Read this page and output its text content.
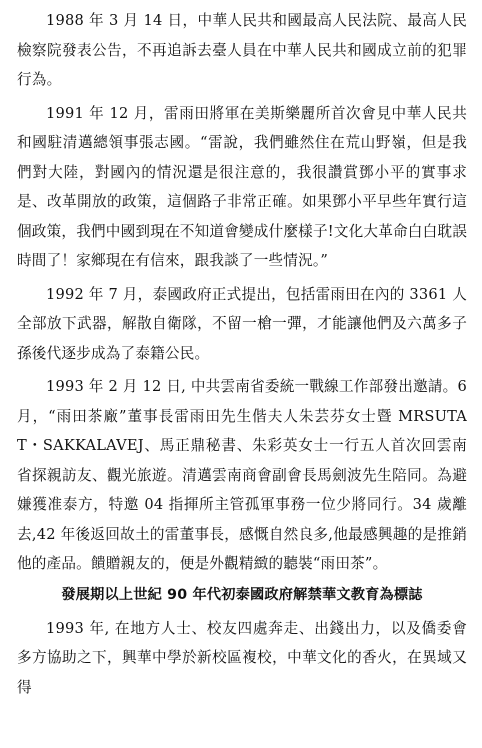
1988 年 3 月 14 日，中華人民共和國最高人民法院、最高人民檢察院發表公告，不再追訴去臺人員在中華人民共和國成立前的犯罪行為。

1991 年 12 月，雷雨田將軍在美斯樂麗所首次會見中華人民共和國駐清邁總領事張志國。“雷說，我們雖然住在荒山野嶺，但是我們對大陸，對國內的情況還是很注意的，我很讚賞鄧小平的實事求是、改革開放的政策，這個路子非常正確。如果鄧小平早些年實行這個政策，我們中國到現在不知道會變成什麼樣子!文化大革命白白耽誤時間了！家鄉現在有信來，跟我談了一些情況。”

1992 年 7 月，泰國政府正式提出，包括雷雨田在內的 3361 人全部放下武器，解散自衛隊，不留一槍一彈，才能讓他們及六萬多子孫後代逐步成為了泰籍公民。

1993 年 2 月 12 日, 中共雲南省委統一戰線工作部發出邀請。6月，“雨田茶廠”董事長雷雨田先生偕夫人朱芸芬女士暨 MRSUTAT・SAKKALAVEJ、馬正鼎秘書、朱彩英女士一行五人首次回雲南省探親訪友、觀光旅遊。清邁雲南商會副會長馬劍波先生陪同。為避嫌獲准泰方，特邀 04 指揮所主管孤軍事務一位少將同行。34 歲離去,42 年後返回故土的雷董事長，感慨自然良多,他最感興趣的是推銷他的產品。饋贈親友的，便是外觀精緻的聽裝“雨田茶”。

發展期以上世紀 90 年代初泰國政府解禁華文教育為標誌

1993 年, 在地方人士、校友四處奔走、出錢出力，以及僑委會多方協助之下，興華中學於新校區複校，中華文化的香火，在異域又得
